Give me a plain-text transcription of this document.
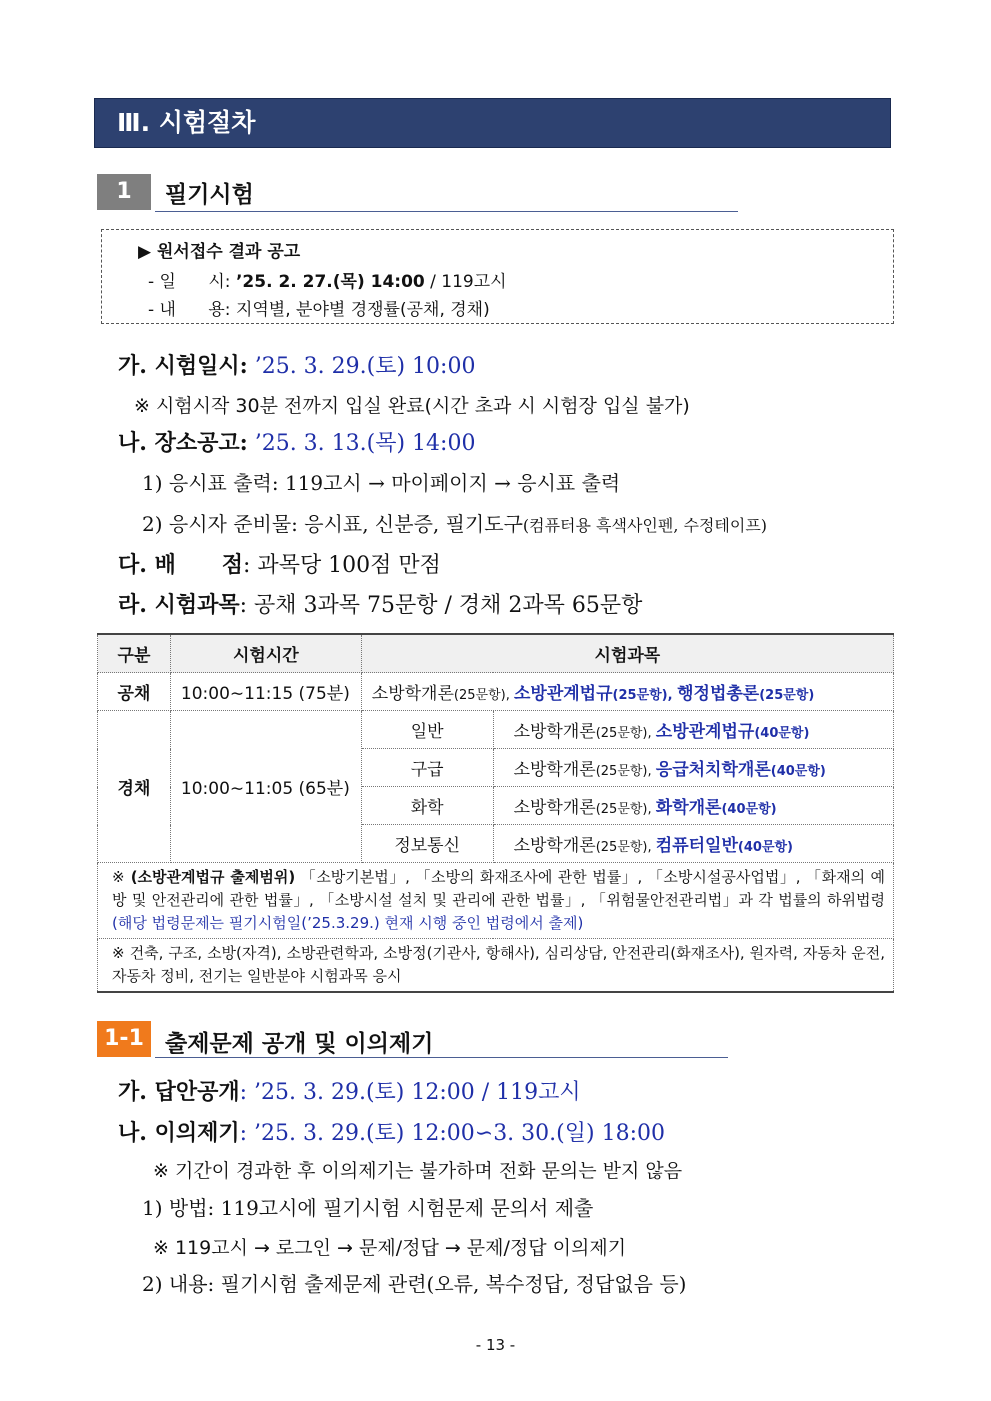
Ⅲ. 시험절차
1	필기시험
▶ 원서접수 결과 공고
- 일      시: ’25. 2. 27.(목) 14:00 / 119고시
- 내      용: 지역별, 분야별 경쟁률(공채, 경채)
가. 시험일시: ’25. 3. 29.(토) 10:00
※ 시험시작 30분 전까지 입실 완료(시간 초과 시 시험장 입실 불가)
나. 장소공고: ’25. 3. 13.(목) 14:00
1) 응시표 출력: 119고시 → 마이페이지 → 응시표 출력
2) 응시자 준비물: 응시표, 신분증, 필기도구(컴퓨터용 흑색사인펜, 수정테이프)
다. 배      점: 과목당 100점 만점
라. 시험과목: 공채 3과목 75문항 / 경채 2과목 65문항
구분	시험시간	시험과목	
공채	10:00∼11:15 (75분)	소방학개론(25문항), 소방관계법규(25문항), 행정법총론(25문항)	
경채	10:00∼11:05 (65분)	일반	소방학개론(25문항), 소방관계법규(40문항)
		구급	소방학개론(25문항), 응급처치학개론(40문항)
		화학	소방학개론(25문항), 화학개론(40문항)
		정보통신	소방학개론(25문항), 컴퓨터일반(40문항)
※ (소방관계법규 출제범위) 「소방기본법」, 「소방의 화재조사에 관한 법률」, 「소방시설공사업법」, 「화재의 예방 및 안전관리에 관한 법률」, 「소방시설 설치 및 관리에 관한 법률」, 「위험물안전관리법」과 각 법률의 하위법령(해당 법령문제는 필기시험일(’25.3.29.) 현재 시행 중인 법령에서 출제)			
※ 건축, 구조, 소방(자격), 소방관련학과, 소방정(기관사, 항해사), 심리상담, 안전관리(화재조사), 원자력, 자동차 운전, 자동차 정비, 전기는 일반분야 시험과목 응시			
1-1 출제문제 공개 및 이의제기
가. 답안공개: ’25. 3. 29.(토) 12:00 / 119고시
나. 이의제기: ’25. 3. 29.(토) 12:00∽3. 30.(일) 18:00
※ 기간이 경과한 후 이의제기는 불가하며 전화 문의는 받지 않음
1) 방법: 119고시에 필기시험 시험문제 문의서 제출
※ 119고시 → 로그인 → 문제/정답 → 문제/정답 이의제기
2) 내용: 필기시험 출제문제 관련(오류, 복수정답, 정답없음 등)
- 13 -
